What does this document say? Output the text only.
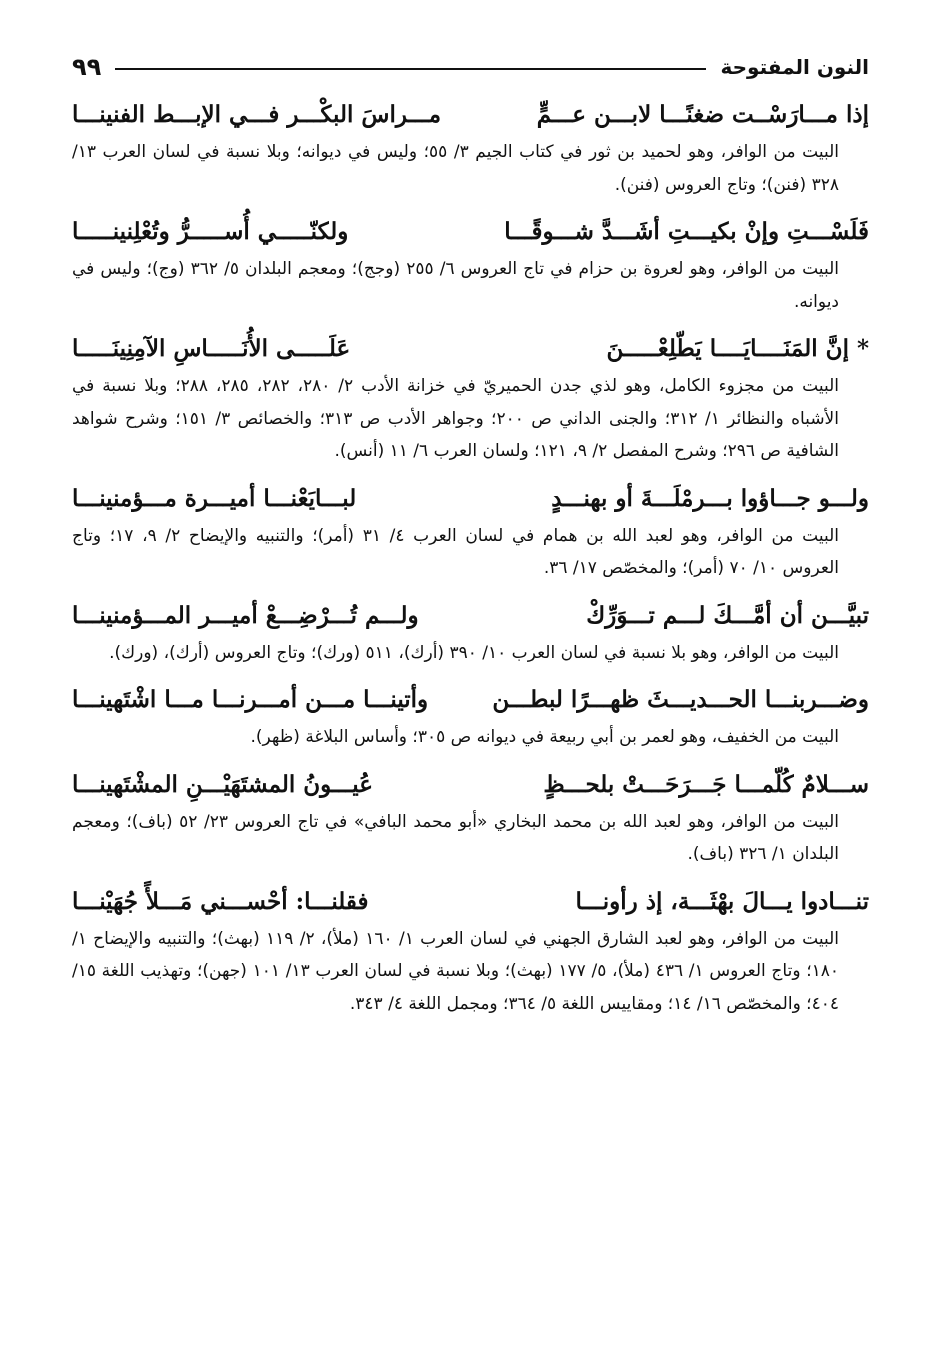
النون المفتوحة
٩٩
إذا مـــارَسْــت ضغنًـــا لابـــن عـــمٍّ
مـــراسَ البكْـــر فـــي الإبـــط الفنينـــا

البيت من الوافر، وهو لحميد بن ثور في كتاب الجيم ٣/ ٥٥؛ وليس في ديوانه؛ وبلا نسبة في لسان العرب ١٣/ ٣٢٨ (فنن)؛ وتاج العروس (فنن).

فَلَسْـــتِ وإنْ بكيـــتِ أشَـــدَّ شـــوقًـــا
ولكنّـــــي أُســـــرُّ وتُعْلِنينـــــا

البيت من الوافر، وهو لعروة بن حزام في تاج العروس ٦/ ٢٥٥ (وجج)؛ ومعجم البلدان ٥/ ٣٦٢ (وج)؛ وليس في ديوانه.

* إنَّ المَنَــــايَــــا يَطّلِعْـــــنَ
عَلَـــــى الأُنَـــــاسِ الآمِنِينَـــــا

البيت من مجزوء الكامل، وهو لذي جدن الحميريّ في خزانة الأدب ٢/ ٢٨٠، ٢٨٢، ٢٨٥، ٢٨٨؛ وبلا نسبة في الأشباه والنظائر ١/ ٣١٢؛ والجنى الداني ص ٢٠٠؛ وجواهر الأدب ص ٣١٣؛ والخصائص ٣/ ١٥١؛ وشرح شواهد الشافية ص ٢٩٦؛ وشرح المفصل ٢/ ٩، ١٢١؛ ولسان العرب ٦/ ١١ (أنس).

ولـــو جـــاؤوا بـــرمْلَـــةَ أو بهنـــدٍ
لبـــايَعْنـــا أميـــرة مـــؤمنينـــا

البيت من الوافر، وهو لعبد الله بن همام في لسان العرب ٤/ ٣١ (أمر)؛ والتنبيه والإيضاح ٢/ ٩، ١٧؛ وتاج العروس ١٠/ ٧٠ (أمر)؛ والمخصّص ١٧/ ٣٦.

تبيَّـــن أن أمَّـــكَ لـــم تـــوَرِّكْ
ولـــم تُـــرْضِـــعْ أميـــر المـــؤمنينـــا

البيت من الوافر، وهو بلا نسبة في لسان العرب ١٠/ ٣٩٠ (أرك)، ٥١١ (ورك)؛ وتاج العروس (أرك)، (ورك).

وضـــربنـــا الحـــديـــثَ ظهـــرًا لبطـــن
وأتينـــا مـــن أمـــرنـــا مـــا اشْتَهينـــا

البيت من الخفيف، وهو لعمر بن أبي ربيعة في ديوانه ص ٣٠٥؛ وأساس البلاغة (ظهر).

ســـلامٌ كُلّمـــا جَـــرَحَـــتْ بلحـــظٍ
عُيـــونُ المشتَهَيْـــنِ المشْتَهينـــا

البيت من الوافر، وهو لعبد الله بن محمد البخاري «أبو محمد البافي» في تاج العروس ٢٣/ ٥٢ (باف)؛ ومعجم البلدان ١/ ٣٢٦ (باف).

تنـــادوا يـــالَ بهْثَـــة، إذ رأونـــا
فقلنـــا: أحْســـني مَـــلأً جُهَيْنـــا

البيت من الوافر، وهو لعبد الشارق الجهني في لسان العرب ١/ ١٦٠ (ملأ)، ٢/ ١١٩ (بهث)؛ والتنبيه والإيضاح ١/ ١٨٠؛ وتاج العروس ١/ ٤٣٦ (ملأ)، ٥/ ١٧٧ (بهث)؛ وبلا نسبة في لسان العرب ١٣/ ١٠١ (جهن)؛ وتهذيب اللغة ١٥/ ٤٠٤؛ والمخصّص ١٦/ ١٤؛ ومقاييس اللغة ٥/ ٣٦٤؛ ومجمل اللغة ٤/ ٣٤٣.
